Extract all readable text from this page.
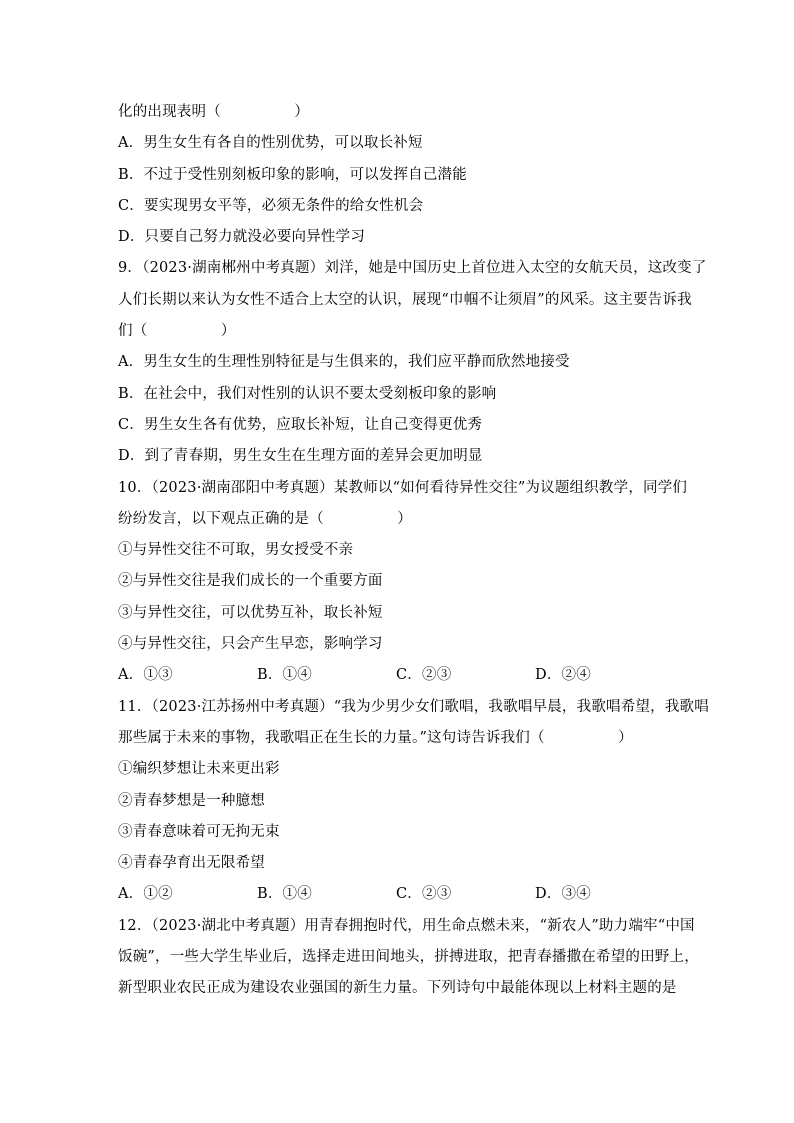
化的出现表明（　　　　　）
A．男生女生有各自的性别优势，可以取长补短
B．不过于受性别刻板印象的影响，可以发挥自己潜能
C．要实现男女平等，必须无条件的给女性机会
D．只要自己努力就没必要向异性学习
9．（2023·湖南郴州中考真题）刘洋，她是中国历史上首位进入太空的女航天员，这改变了
人们长期以来认为女性不适合上太空的认识，展现“巾帼不让须眉”的风采。这主要告诉我
们（　　　　　）
A．男生女生的生理性别特征是与生俱来的，我们应平静而欣然地接受
B．在社会中，我们对性别的认识不要太受刻板印象的影响
C．男生女生各有优势，应取长补短，让自己变得更优秀
D．到了青春期，男生女生在生理方面的差异会更加明显
10．（2023·湖南邵阳中考真题）某教师以“如何看待异性交往”为议题组织教学，同学们
纷纷发言，以下观点正确的是（　　　　　）
①与异性交往不可取，男女授受不亲
②与异性交往是我们成长的一个重要方面
③与异性交往，可以优势互补，取长补短
④与异性交往，只会产生早恋，影响学习
A．①③	B．①④	C．②③	D．②④
11．（2023·江苏扬州中考真题）“我为少男少女们歌唱，我歌唱早晨，我歌唱希望，我歌唱
那些属于未来的事物，我歌唱正在生长的力量。”这句诗告诉我们（　　　　　）
①编织梦想让未来更出彩
②青春梦想是一种臆想
③青春意味着可无拘无束
④青春孕育出无限希望
A．①②	B．①④	C．②③	D．③④
12．（2023·湖北中考真题）用青春拥抱时代，用生命点燃未来，“新农人”助力端牢“中国
饭碗”，一些大学生毕业后，选择走进田间地头，拼搏进取，把青春播撒在希望的田野上，
新型职业农民正成为建设农业强国的新生力量。下列诗句中最能体现以上材料主题的是
